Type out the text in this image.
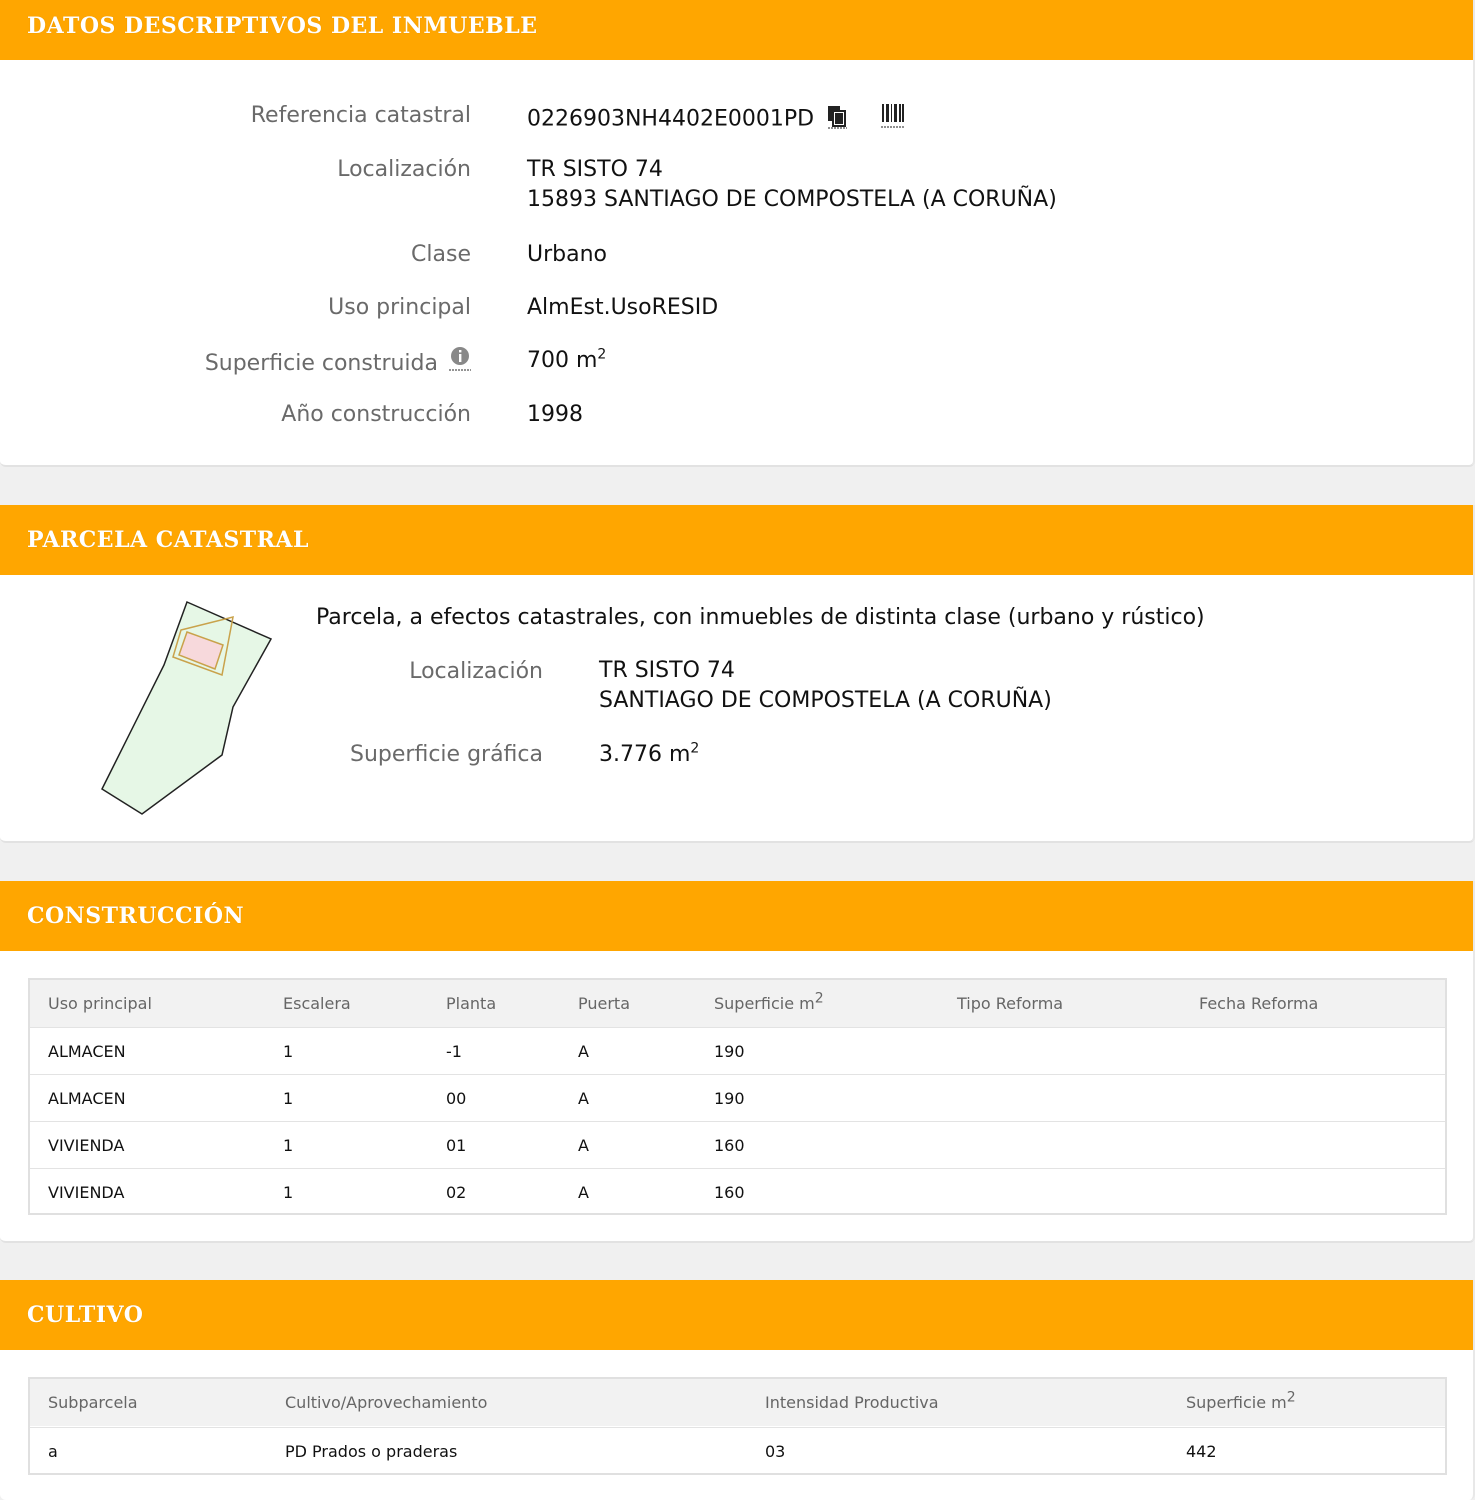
DATOS DESCRIPTIVOS DEL INMUEBLE
Referencia catastral	0226903NH4402E0001PD
Localización	TR SISTO 74
15893 SANTIAGO DE COMPOSTELA (A CORUÑA)
Clase	Urbano
Uso principal	AlmEst.UsoRESID
Superficie construida	700 $m^2$
Año construcción	1998
PARCELA CATASTRAL
Parcela, a efectos catastrales, con inmuebles de distinta clase (urbano y rústico)
Localización	TR SISTO 74
SANTIAGO DE COMPOSTELA (A CORUÑA)
Superficie gráfica	3.776 $m^2$
CONSTRUCCIÓN
Uso principal	Escalera	Planta	Puerta	Superficie $m^2$	Tipo Reforma	Fecha Reforma
ALMACEN	1	-1	A	190
ALMACEN	1	00	A	190
VIVIENDA	1	01	A	160
VIVIENDA	1	02	A	160
CULTIVO
Subparcela	Cultivo/Aprovechamiento	Intensidad Productiva	Superficie $m^2$
a	PD Prados o praderas	03	442
